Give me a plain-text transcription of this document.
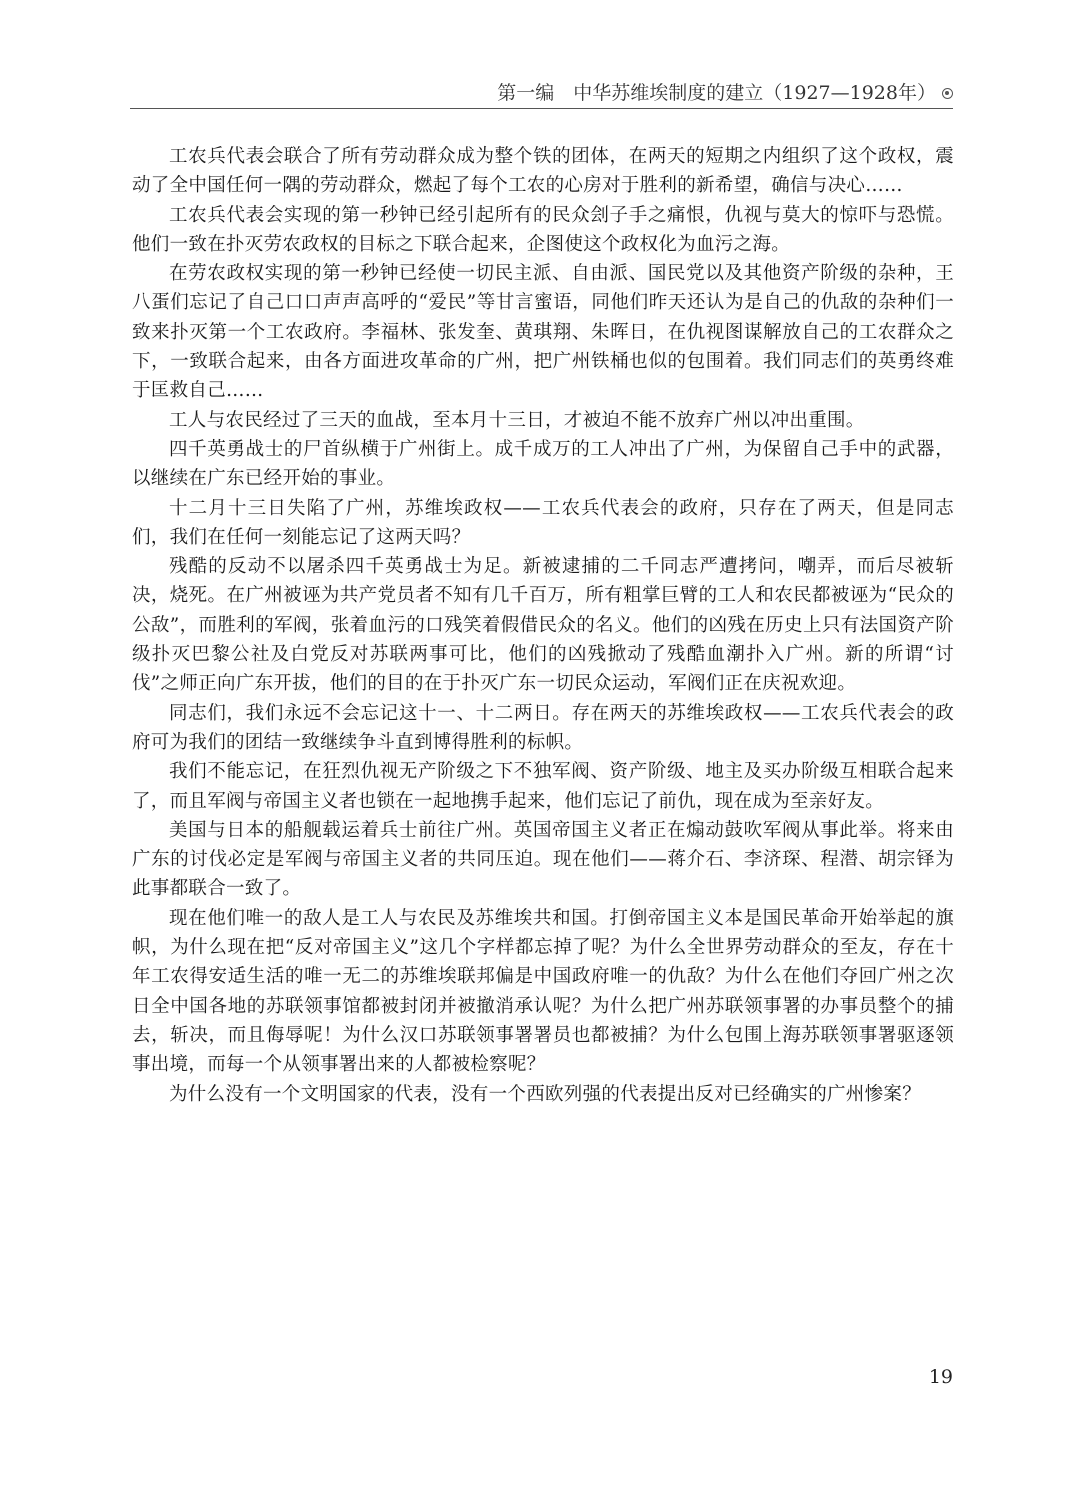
第一编　中华苏维埃制度的建立（1927—1928年）

工农兵代表会联合了所有劳动群众成为整个铁的团体，在两天的短期之内组织了这个政权，震动了全中国任何一隅的劳动群众，燃起了每个工农的心房对于胜利的新希望，确信与决心……

工农兵代表会实现的第一秒钟已经引起所有的民众刽子手之痛恨，仇视与莫大的惊吓与恐慌。他们一致在扑灭劳农政权的目标之下联合起来，企图使这个政权化为血污之海。

在劳农政权实现的第一秒钟已经使一切民主派、自由派、国民党以及其他资产阶级的杂种，王八蛋们忘记了自己口口声声高呼的“爱民”等甘言蜜语，同他们昨天还认为是自己的仇敌的杂种们一致来扑灭第一个工农政府。李福林、张发奎、黄琪翔、朱晖日，在仇视图谋解放自己的工农群众之下，一致联合起来，由各方面进攻革命的广州，把广州铁桶也似的包围着。我们同志们的英勇终难于匡救自己……

工人与农民经过了三天的血战，至本月十三日，才被迫不能不放弃广州以冲出重围。

四千英勇战士的尸首纵横于广州街上。成千成万的工人冲出了广州，为保留自己手中的武器，以继续在广东已经开始的事业。

十二月十三日失陷了广州，苏维埃政权——工农兵代表会的政府，只存在了两天，但是同志们，我们在任何一刻能忘记了这两天吗？

残酷的反动不以屠杀四千英勇战士为足。新被逮捕的二千同志严遭拷问，嘲弄，而后尽被斩决，烧死。在广州被诬为共产党员者不知有几千百万，所有粗掌巨臂的工人和农民都被诬为“民众的公敌”，而胜利的军阀，张着血污的口残笑着假借民众的名义。他们的凶残在历史上只有法国资产阶级扑灭巴黎公社及白党反对苏联两事可比，他们的凶残掀动了残酷血潮扑入广州。新的所谓“讨伐”之师正向广东开拔，他们的目的在于扑灭广东一切民众运动，军阀们正在庆祝欢迎。

同志们，我们永远不会忘记这十一、十二两日。存在两天的苏维埃政权——工农兵代表会的政府可为我们的团结一致继续争斗直到博得胜利的标帜。

我们不能忘记，在狂烈仇视无产阶级之下不独军阀、资产阶级、地主及买办阶级互相联合起来了，而且军阀与帝国主义者也锁在一起地携手起来，他们忘记了前仇，现在成为至亲好友。

美国与日本的船舰载运着兵士前往广州。英国帝国主义者正在煽动鼓吹军阀从事此举。将来由广东的讨伐必定是军阀与帝国主义者的共同压迫。现在他们——蒋介石、李济琛、程潜、胡宗铎为此事都联合一致了。

现在他们唯一的敌人是工人与农民及苏维埃共和国。打倒帝国主义本是国民革命开始举起的旗帜，为什么现在把“反对帝国主义”这几个字样都忘掉了呢？为什么全世界劳动群众的至友，存在十年工农得安适生活的唯一无二的苏维埃联邦偏是中国政府唯一的仇敌？为什么在他们夺回广州之次日全中国各地的苏联领事馆都被封闭并被撤消承认呢？为什么把广州苏联领事署的办事员整个的捕去，斩决，而且侮辱呢！为什么汉口苏联领事署署员也都被捕？为什么包围上海苏联领事署驱逐领事出境，而每一个从领事署出来的人都被检察呢？

为什么没有一个文明国家的代表，没有一个西欧列强的代表提出反对已经确实的广州惨案？

19
